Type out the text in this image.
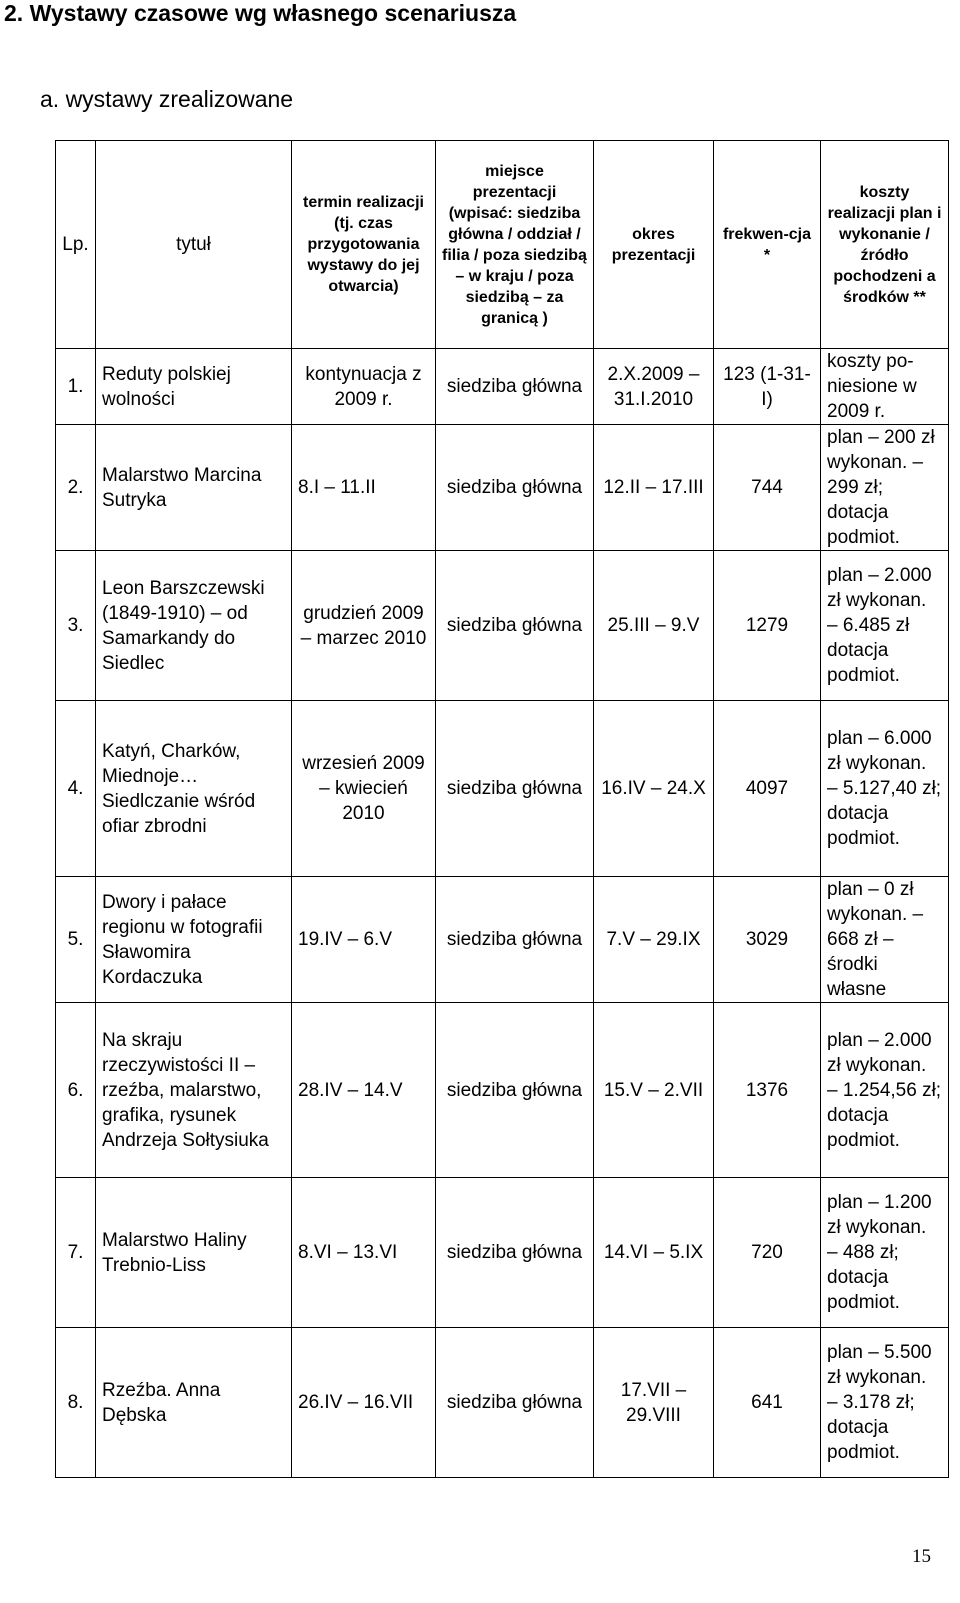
2. Wystawy czasowe wg własnego scenariusza
a. wystawy zrealizowane
Lp.	tytuł	termin realizacji (tj. czas przygotowania wystawy do jej otwarcia)	miejsce prezentacji (wpisać: siedziba główna / oddział / filia / poza siedzibą – w kraju / poza siedzibą – za granicą )	okres prezentacji	frekwen-cja *	koszty realizacji plan i wykonanie / źródło pochodzeni a środków **
1.	Reduty polskiej wolności	kontynuacja z 2009 r.	siedziba główna	2.X.2009 – 31.I.2010	123 (1-31-I)	koszty po-niesione w 2009 r.
2.	Malarstwo Marcina Sutryka	8.I – 11.II	siedziba główna	12.II – 17.III	744	plan – 200 zł wykonan. – 299 zł; dotacja podmiot.
3.	Leon Barszczewski (1849-1910) – od Samarkandy do Siedlec	grudzień 2009 – marzec 2010	siedziba główna	25.III – 9.V	1279	plan – 2.000 zł wykonan. – 6.485 zł dotacja podmiot.
4.	Katyń, Charków, Miednoje… Siedlczanie wśród ofiar zbrodni	wrzesień 2009 – kwiecień 2010	siedziba główna	16.IV – 24.X	4097	plan – 6.000 zł wykonan. – 5.127,40 zł; dotacja podmiot.
5.	Dwory i pałace regionu w fotografii Sławomira Kordaczuka	19.IV – 6.V	siedziba główna	7.V – 29.IX	3029	plan – 0 zł wykonan. – 668 zł – środki własne
6.	Na skraju rzeczywistości II – rzeźba, malarstwo, grafika, rysunek Andrzeja Sołtysiuka	28.IV – 14.V	siedziba główna	15.V – 2.VII	1376	plan – 2.000 zł wykonan. – 1.254,56 zł; dotacja podmiot.
7.	Malarstwo Haliny Trebnio-Liss	8.VI – 13.VI	siedziba główna	14.VI – 5.IX	720	plan – 1.200 zł wykonan. – 488 zł; dotacja podmiot.
8.	Rzeźba. Anna Dębska	26.IV – 16.VII	siedziba główna	17.VII – 29.VIII	641	plan – 5.500 zł wykonan. – 3.178 zł; dotacja podmiot.
15
